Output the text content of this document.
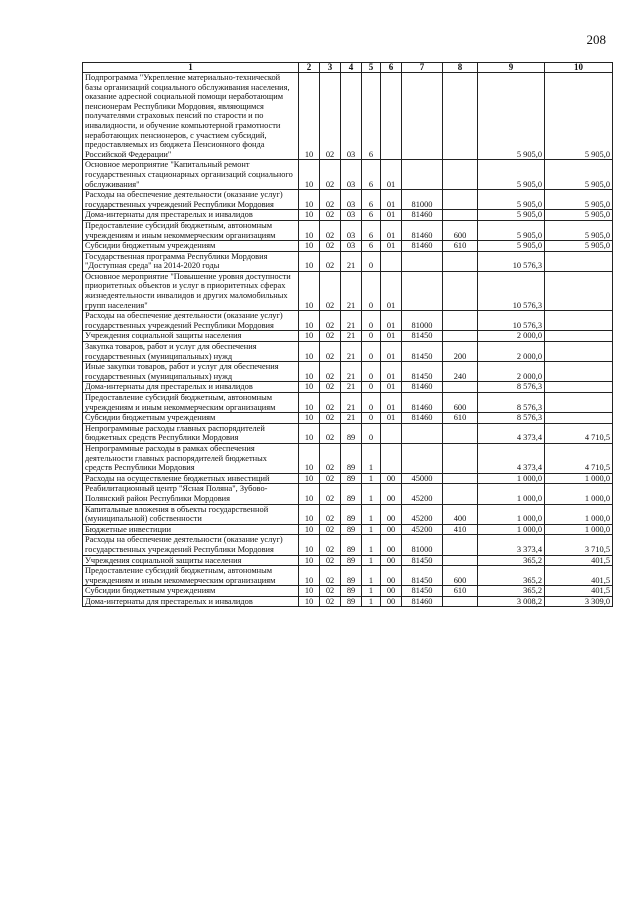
208
1	2	3	4	5	6	7	8	9	10
Подпрограмма "Укрепление материально-технической базы организаций социального обслуживания населения, оказание адресной социальной помощи неработающим пенсионерам Республики Мордовия, являющимся получателями страховых пенсий по старости и по инвалидности, и обучение компьютерной грамотности неработающих пенсионеров, с участием субсидий, предоставляемых из бюджета Пенсионного фонда Российской Федерации"	10	02	03	6				5 905,0	5 905,0
Основное мероприятие "Капитальный ремонт государственных стационарных организаций социального обслуживания"	10	02	03	6	01			5 905,0	5 905,0
Расходы на обеспечение деятельности (оказание услуг) государственных учреждений Республики Мордовия	10	02	03	6	01	81000		5 905,0	5 905,0
Дома-интернаты для престарелых и инвалидов	10	02	03	6	01	81460		5 905,0	5 905,0
Предоставление субсидий бюджетным, автономным учреждениям и иным некоммерческим организациям	10	02	03	6	01	81460	600	5 905,0	5 905,0
Субсидии бюджетным учреждениям	10	02	03	6	01	81460	610	5 905,0	5 905,0
Государственная программа Республики Мордовия "Доступная среда" на 2014-2020 годы	10	02	21	0				10 576,3	
Основное мероприятие "Повышение уровня доступности приоритетных объектов и услуг в приоритетных сферах жизнедеятельности инвалидов и других маломобильных групп населения"	10	02	21	0	01			10 576,3	
Расходы на обеспечение деятельности (оказание услуг) государственных учреждений Республики Мордовия	10	02	21	0	01	81000		10 576,3	
Учреждения социальной защиты населения	10	02	21	0	01	81450		2 000,0	
Закупка товаров, работ и услуг для обеспечения государственных (муниципальных) нужд	10	02	21	0	01	81450	200	2 000,0	
Иные закупки товаров, работ и услуг для обеспечения государственных (муниципальных) нужд	10	02	21	0	01	81450	240	2 000,0	
Дома-интернаты для престарелых и инвалидов	10	02	21	0	01	81460		8 576,3	
Предоставление субсидий бюджетным, автономным учреждениям и иным некоммерческим организациям	10	02	21	0	01	81460	600	8 576,3	
Субсидии бюджетным учреждениям	10	02	21	0	01	81460	610	8 576,3	
Непрограммные расходы главных распорядителей бюджетных средств Республики Мордовия	10	02	89	0				4 373,4	4 710,5
Непрограммные расходы в рамках обеспечения деятельности главных распорядителей бюджетных средств Республики Мордовия	10	02	89	1				4 373,4	4 710,5
Расходы на осуществление бюджетных инвестиций	10	02	89	1	00	45000		1 000,0	1 000,0
Реабилитационный центр "Ясная Поляна", Зубово-Полянский район Республики Мордовия	10	02	89	1	00	45200		1 000,0	1 000,0
Капитальные вложения в объекты государственной (муниципальной) собственности	10	02	89	1	00	45200	400	1 000,0	1 000,0
Бюджетные инвестиции	10	02	89	1	00	45200	410	1 000,0	1 000,0
Расходы на обеспечение деятельности (оказание услуг) государственных учреждений Республики Мордовия	10	02	89	1	00	81000		3 373,4	3 710,5
Учреждения социальной защиты населения	10	02	89	1	00	81450		365,2	401,5
Предоставление субсидий бюджетным, автономным учреждениям и иным некоммерческим организациям	10	02	89	1	00	81450	600	365,2	401,5
Субсидии бюджетным учреждениям	10	02	89	1	00	81450	610	365,2	401,5
Дома-интернаты для престарелых и инвалидов	10	02	89	1	00	81460		3 008,2	3 309,0
